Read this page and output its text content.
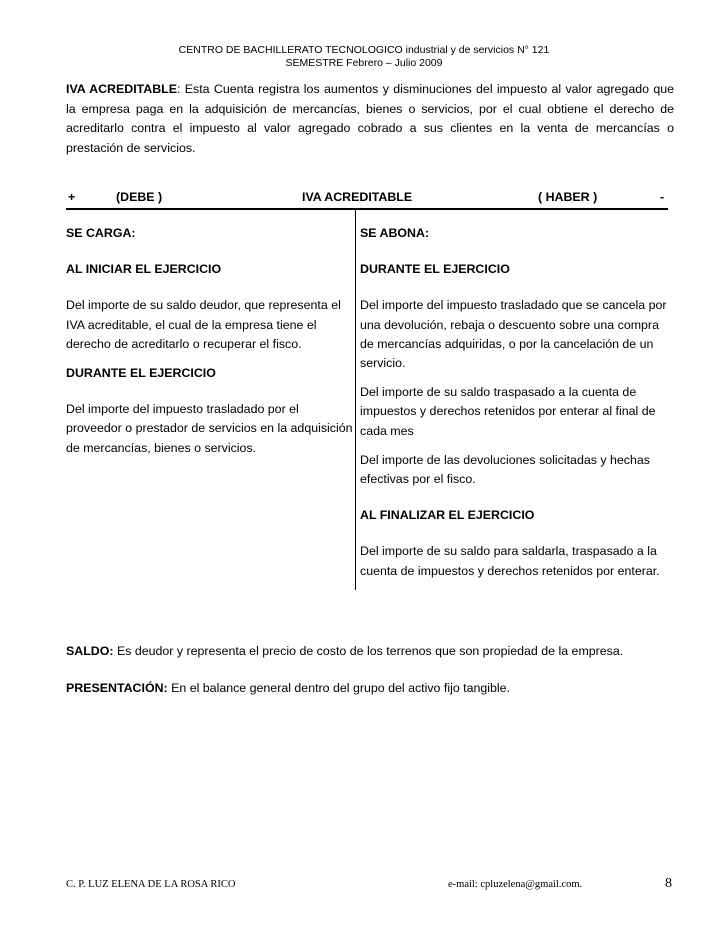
CENTRO DE BACHILLERATO TECNOLOGICO industrial y de servicios N° 121
SEMESTRE Febrero – Julio 2009
IVA ACREDITABLE: Esta Cuenta registra los aumentos y disminuciones del impuesto al valor agregado que la empresa paga en la adquisición de mercancías, bienes o servicios, por el cual obtiene el derecho de acreditarlo contra el impuesto al valor agregado cobrado a sus clientes en la venta de mercancías o prestación de servicios.
+	(DEBE )	IVA ACREDITABLE	( HABER )	-

SE CARGA:

AL INICIAR EL EJERCICIO

Del importe de su saldo deudor, que representa el IVA acreditable, el cual de la empresa tiene el derecho de acreditarlo o recuperar el fisco.

DURANTE EL EJERCICIO

Del importe del impuesto trasladado por el proveedor o prestador de servicios en la adquisición de mercancías, bienes o servicios.

SE ABONA:

DURANTE EL EJERCICIO

Del importe del impuesto trasladado que se cancela por una devolución, rebaja o descuento sobre una compra de mercancías adquiridas, o por la cancelación de un servicio.

Del importe de su saldo traspasado a la cuenta de impuestos y derechos retenidos por enterar al final de cada mes

Del importe de las devoluciones solicitadas y hechas efectivas por el fisco.

AL FINALIZAR EL EJERCICIO

Del importe de su saldo para saldarla, traspasado a la cuenta de impuestos y derechos retenidos por enterar.

SALDO: Es deudor y representa el precio de costo de los terrenos que son propiedad de la empresa.
PRESENTACIÓN: En el balance general dentro del grupo del activo fijo tangible.
C. P. LUZ ELENA DE LA ROSA RICO	e-mail: cpluzelena@gmail.com.	8
